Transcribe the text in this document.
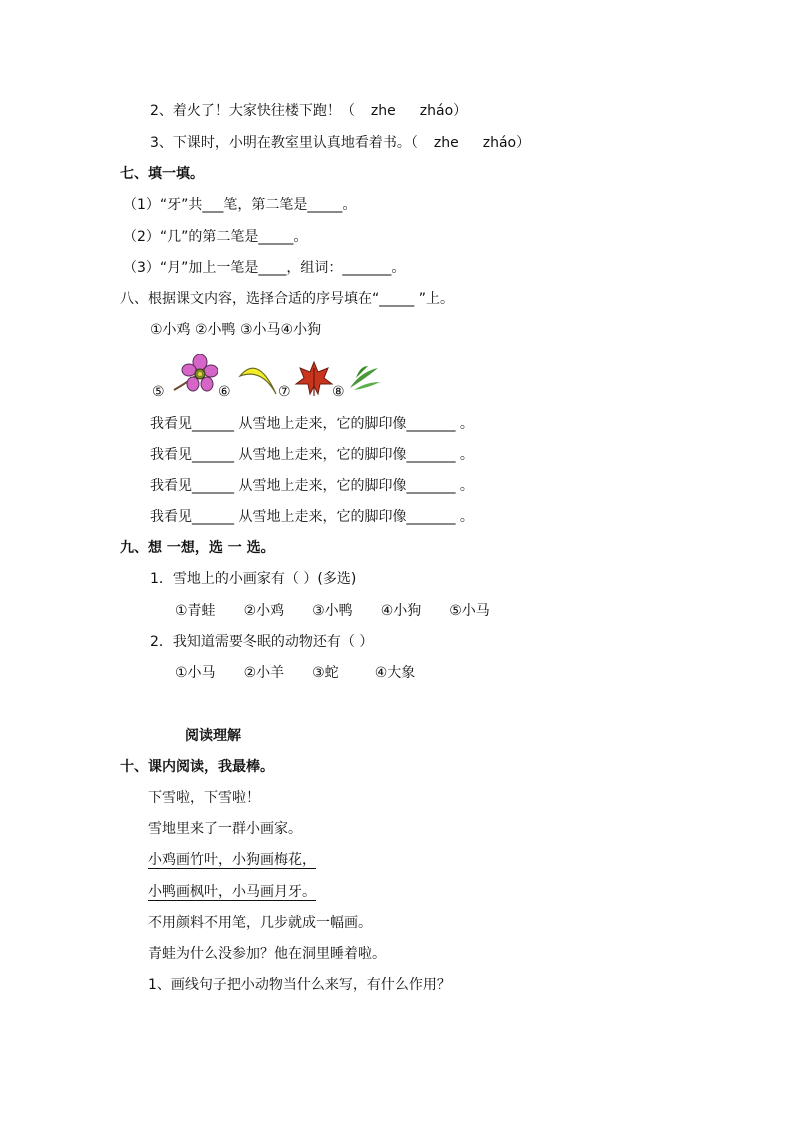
2、着火了！大家快往楼下跑！（ zhe zháo）
3、下课时，小明在教室里认真地看着书。（ zhe zháo）
七、填一填。
（1）“牙”共___笔，第二笔是_____。
（2）“几”的第二笔是_____。
（3）“月”加上一笔是____，组词：_______。
八、根据课文内容，选择合适的序号填在“_____ ”上。
①小鸡 ②小鸭 ③小马④小狗
⑤	⑥	⑦	⑧
我看见______ 从雪地上走来，它的脚印像_______ 。
我看见______ 从雪地上走来，它的脚印像_______ 。
我看见______ 从雪地上走来，它的脚印像_______ 。
我看见______ 从雪地上走来，它的脚印像_______ 。
九、想 一想，选 一 选。
1．雪地上的小画家有（ ）(多选)
①青蛙 ②小鸡 ③小鸭 ④小狗 ⑤小马
2．我知道需要冬眠的动物还有（ ）
①小马 ②小羊 ③蛇	④大象
阅读理解
十、课内阅读，我最棒。
下雪啦，下雪啦！
雪地里来了一群小画家。
小鸡画竹叶，小狗画梅花，
小鸭画枫叶，小马画月牙。
不用颜料不用笔，几步就成一幅画。
青蛙为什么没参加？他在洞里睡着啦。
1、画线句子把小动物当什么来写，有什么作用？
